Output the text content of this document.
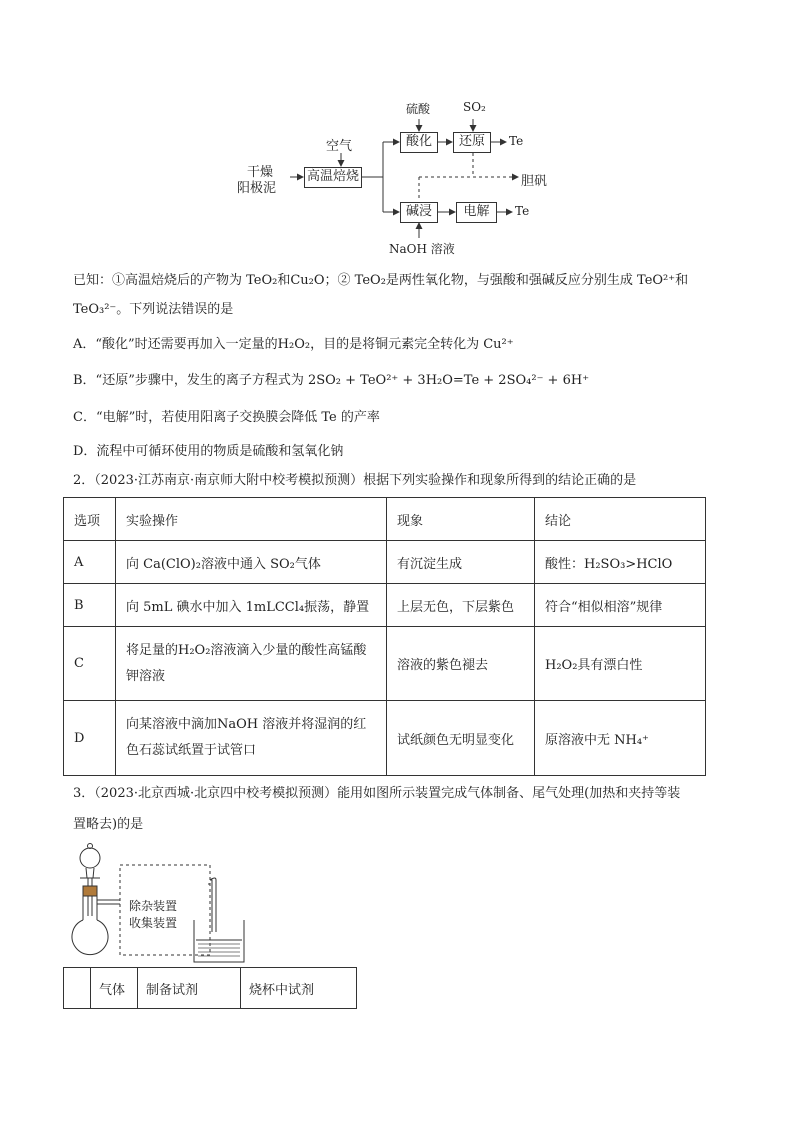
干燥
阳极泥
空气
高温焙烧
硫酸
酸化
SO₂
还原	Te
胆矾
碱浸	电解	Te
NaOH 溶液
已知：①高温焙烧后的产物为 TeO₂和Cu₂O；② TeO₂是两性氧化物，与强酸和强碱反应分别生成 TeO²⁺和
TeO₃²⁻。下列说法错误的是
A．“酸化”时还需要再加入一定量的H₂O₂，目的是将铜元素完全转化为 Cu²⁺
B．“还原”步骤中，发生的离子方程式为 2SO₂ + TeO²⁺ + 3H₂O=Te + 2SO₄²⁻ + 6H⁺
C．“电解”时，若使用阳离子交换膜会降低 Te 的产率
D．流程中可循环使用的物质是硫酸和氢氧化钠
2．（2023·江苏南京·南京师大附中校考模拟预测）根据下列实验操作和现象所得到的结论正确的是
选项	实验操作	现象	结论
A	向 Ca(ClO)₂溶液中通入 SO₂气体	有沉淀生成	酸性：H₂SO₃>HClO
B	向 5mL 碘水中加入 1mLCCl₄振荡，静置	上层无色，下层紫色	符合“相似相溶”规律
C	将足量的H₂O₂溶液滴入少量的酸性高锰酸
钾溶液	溶液的紫色褪去	H₂O₂具有漂白性
D	向某溶液中滴加NaOH 溶液并将湿润的红
色石蕊试纸置于试管口	试纸颜色无明显变化	原溶液中无 NH₄⁺
3．（2023·北京西城·北京四中校考模拟预测）能用如图所示装置完成气体制备、尾气处理(加热和夹持等装
置略去)的是
除杂装置
收集装置
	气体	制备试剂	烧杯中试剂
